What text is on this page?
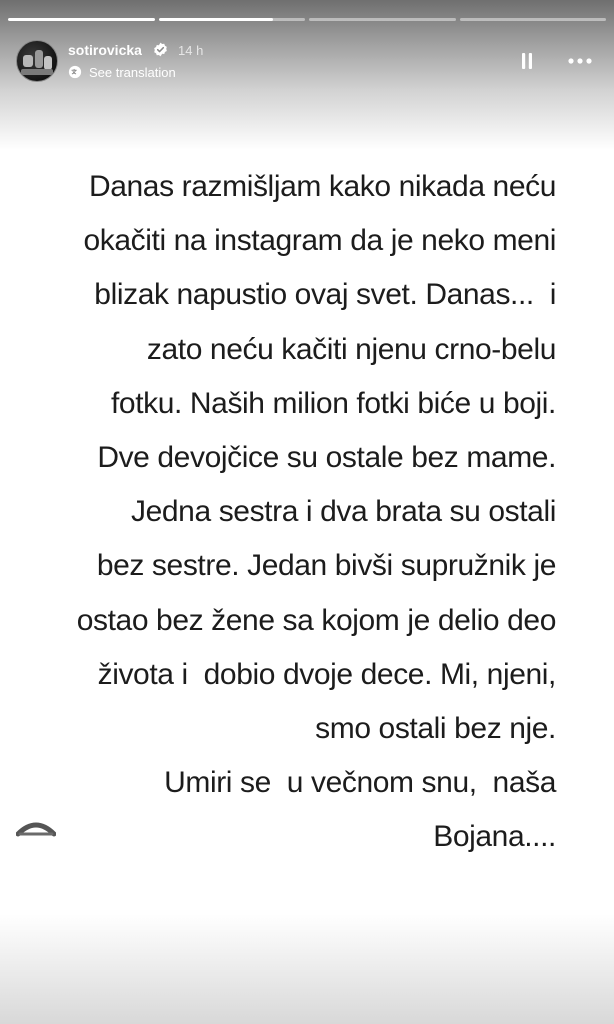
sotirovicka	14 h
See translation
Danas razmišljam kako nikada neću
okačiti na instagram da je neko meni
blizak napustio ovaj svet. Danas...  i
zato neću kačiti njenu crno-belu
fotku. Naših milion fotki biće u boji.
Dve devojčice su ostale bez mame.
Jedna sestra i dva brata su ostali
bez sestre. Jedan bivši supružnik je
ostao bez žene sa kojom je delio deo
života i  dobio dvoje dece. Mi, njeni,
smo ostali bez nje.
Umiri se  u večnom snu,  naša
Bojana....
